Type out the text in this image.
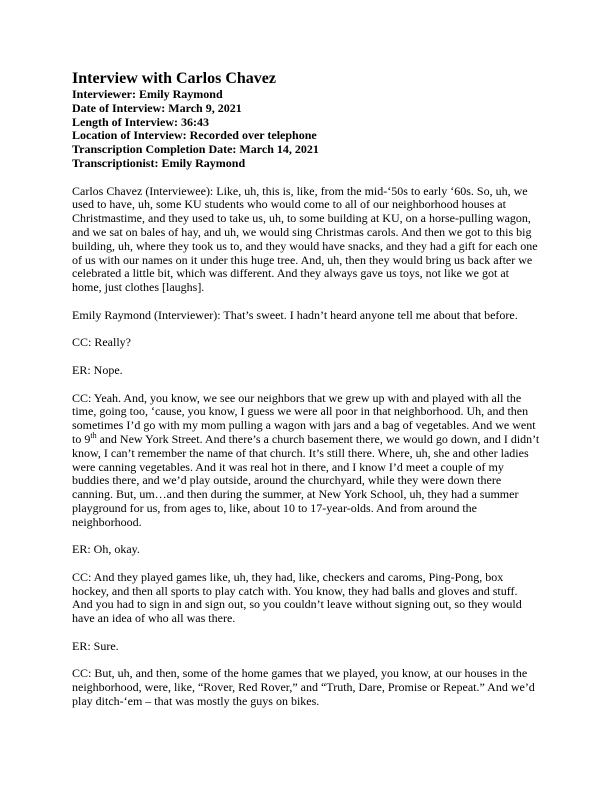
Interview with Carlos Chavez

Interviewer: Emily Raymond

Date of Interview: March 9, 2021

Length of Interview: 36:43

Location of Interview: Recorded over telephone

Transcription Completion Date: March 14, 2021

Transcriptionist: Emily Raymond

Carlos Chavez (Interviewee): Like, uh, this is, like, from the mid-‘50s to early ‘60s. So, uh, we used to have, uh, some KU students who would come to all of our neighborhood houses at Christmastime, and they used to take us, uh, to some building at KU, on a horse-pulling wagon, and we sat on bales of hay, and uh, we would sing Christmas carols. And then we got to this big building, uh, where they took us to, and they would have snacks, and they had a gift for each one of us with our names on it under this huge tree. And, uh, then they would bring us back after we celebrated a little bit, which was different. And they always gave us toys, not like we got at home, just clothes [laughs].

Emily Raymond (Interviewer): That’s sweet. I hadn’t heard anyone tell me about that before.

CC: Really?

ER: Nope.

CC: Yeah. And, you know, we see our neighbors that we grew up with and played with all the time, going too, ‘cause, you know, I guess we were all poor in that neighborhood. Uh, and then sometimes I’d go with my mom pulling a wagon with jars and a bag of vegetables. And we went to 9th and New York Street. And there’s a church basement there, we would go down, and I didn’t know, I can’t remember the name of that church. It’s still there. Where, uh, she and other ladies were canning vegetables. And it was real hot in there, and I know I’d meet a couple of my buddies there, and we’d play outside, around the churchyard, while they were down there canning. But, um…and then during the summer, at New York School, uh, they had a summer playground for us, from ages to, like, about 10 to 17-year-olds. And from around the neighborhood.

ER: Oh, okay.

CC: And they played games like, uh, they had, like, checkers and caroms, Ping-Pong, box hockey, and then all sports to play catch with. You know, they had balls and gloves and stuff. And you had to sign in and sign out, so you couldn’t leave without signing out, so they would have an idea of who all was there.

ER: Sure.

CC: But, uh, and then, some of the home games that we played, you know, at our houses in the neighborhood, were, like, “Rover, Red Rover,” and “Truth, Dare, Promise or Repeat.” And we’d play ditch-‘em – that was mostly the guys on bikes.
